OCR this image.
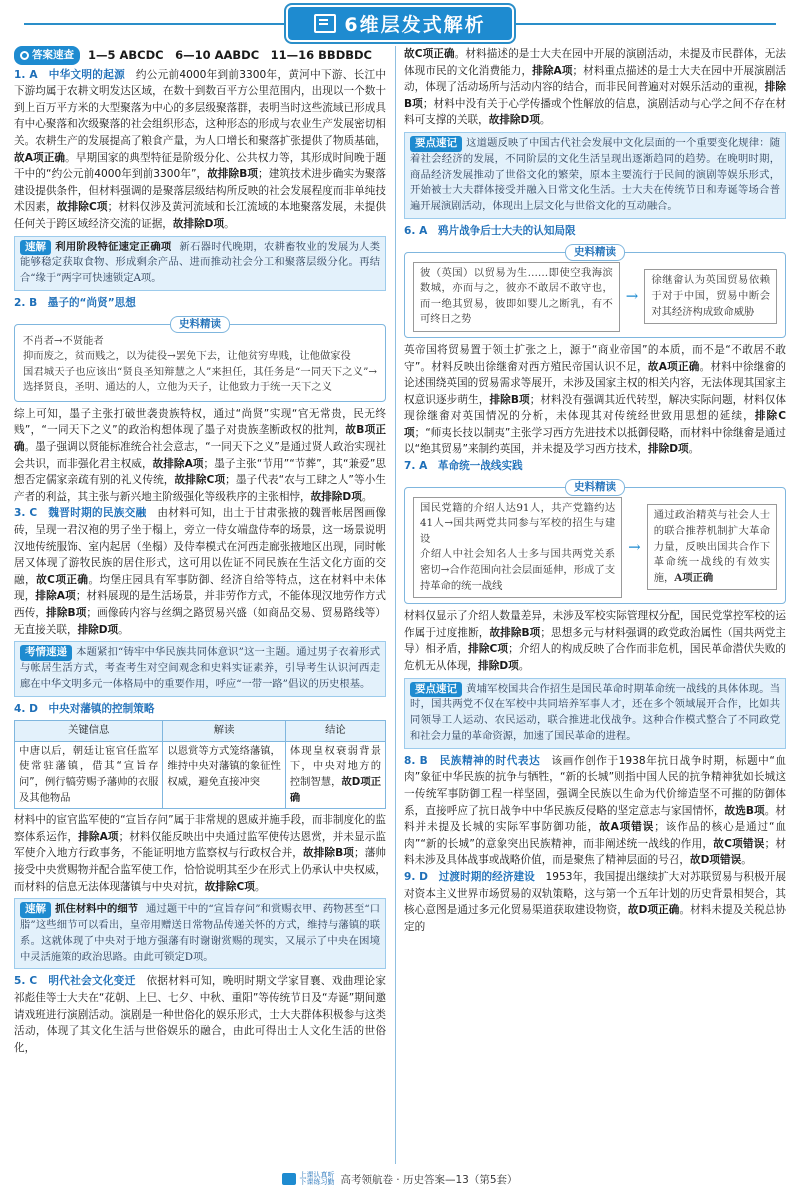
6维层发式解析
答案速查 1—5 ABCDC　6—10 AABDC　11—16 BBDBDC

1. A　 中华文明的起源　 约公元前4000年到前3300年，黄河中下游、长江中下游均属于农耕文明发达区域，在数十到数百平方公里范围内，出现以一个数十到上百万平方米的大型聚落为中心的多层级聚落群，表明当时这些流域已形成具有中心聚落和次级聚落的社会组织形态，这种形态的形成与农业生产发展密切相关。农耕生产的发展提高了粮食产量，为人口增长和聚落扩张提供了物质基础，故A项正确。早期国家的典型特征是阶级分化、公共权力等，其形成时间晚于题干中的“约公元前4000年到前3300年”，故排除B项；建筑技术进步确实为聚落建设提供条件，但材料强调的是聚落层级结构所反映的社会发展程度而非单纯技术因素，故排除C项；材料仅涉及黄河流域和长江流域的本地聚落发展，未提供任何关于跨区域经济交流的证据，故排除D项。

速解 利用阶段特征速定正确项 新石器时代晚期，农耕畜牧业的发展为人类能够稳定获取食物、形成剩余产品、进而推动社会分工和聚落层级分化。再结合“缘于”两字可快速锁定A项。

2. B　 墨子的“尚贤”思想

史料精读

不肖者→不贤能者

抑而废之，贫而贱之，以为徒役→罢免下去，让他贫穷卑贱，让他做家役

国君城天子也应该出“贤良圣知辩慧之人”来担任，其任务是“一同天下之义”→选择贤良，圣明、通达的人，立他为天子，让他致力于统一天下之义

综上可知，墨子主张打破世袭贵族特权，通过“尚贤”实现“官无常贵，民无终贱”，“一同天下之义”的政治构想体现了墨子对贵族垄断政权的批判，故B项正确。墨子强调以贤能标准统合社会意志，“一同天下之义”是通过贤人政治实现社会共识，而非强化君主权威，故排除A项；墨子主张“节用”“节葬”，其“兼爱”思想否定儒家亲疏有别的礼义传统，故排除C项；墨子代表“农与工肆之人”等小生产者的利益，其主张与新兴地主阶级强化等级秩序的主张相悖，故排除D项。

3. C　 魏晋时期的民族交融　 由材料可知，出土于甘肃张掖的魏晋帐居图画像砖，呈现一君汉袍的男子坐于榻上，旁立一侍女端盘侍奉的场景，这一场景说明汉地传统服饰、室内起居（坐榻）及侍奉模式在河西走廊张掖地区出现，同时帐居又体现了游牧民族的居住形式，这可用以佐证不同民族在生活文化方面的交融，故C项正确。均堡庄园具有军事防御、经济自给等特点，这在材料中未体现，排除A项；材料展现的是生活场景，并非劳作方式，不能体现汉地劳作方式西传，排除B项；画像砖内容与丝绸之路贸易兴盛（如商品交易、贸易路线等）无直接关联，排除D项。

考情速递 本题紧扣“铸牢中华民族共同体意识”这一主题。通过男子衣着形式与帐居生活方式，考查考生对空间观念和史料实证素养，引导考生认识河西走廊在中华文明多元一体格局中的重要作用，呼应“一带一路”倡议的历史根基。

4. D　 中央对藩镇的控制策略

关键信息	解读	结论
中唐以后，朝廷让宦官任监军使常驻藩镇，借其“宣旨存问”，例行犒劳赐予藩帅的衣服及其他物品	以恩赏等方式笼络藩镇，维持中央对藩镇的象征性权威，避免直接冲突	体现皇权衰弱背景下，中央对地方的控制智慧，故D项正确

材料中的宦官监军使的“宣旨存问”属于非常规的恩威并施手段，而非制度化的监察体系运作，排除A项；材料仅能反映出中央通过监军使传达恩赏，并未显示监军使介入地方行政事务，不能证明地方监察权与行政权合并，故排除B项；藩帅接受中央赏赐物并配合监军使工作，恰恰说明其至少在形式上仍承认中央权威，而材料的信息无法体现藩镇与中央对抗，故排除C项。

速解 抓住材料中的细节 通过题干中的“宣旨存问”和赏赐衣甲、药物甚至“口脂”这些细节可以看出，皇帝用赠送日常物品传递关怀的方式，维持与藩镇的联系。这就体现了中央对于地方强藩有时谢谢赏赐的现实，又展示了中央在困境中灵活施策的政治思路。由此可锁定D项。

5. C　 明代社会文化变迁　 依据材料可知，晚明时期文学家冒襄、戏曲理论家祁彪佳等士大夫在“花朝、上巳、七夕、中秋、重阳”等传统节日及“寿诞”期间邀请戏班进行演剧活动。演剧是一种世俗化的娱乐形式，士大夫群体积极参与这类活动，体现了其文化生活与世俗娱乐的融合，由此可得出士人文化生活的世俗化，

故C项正确。材料描述的是士大夫在园中开展的演剧活动，未提及市民群体，无法体现市民的文化消费能力，排除A项；材料重点描述的是士大夫在园中开展演剧活动，体现了活动场所与活动内容的结合，而非民间普遍对对娱乐活动的重视，排除B项；材料中没有关于心学传播或个性解放的信息，演剧活动与心学之间不存在材料可支撑的关联，故排除D项。

要点速记 这道题反映了中国古代社会发展中文化层面的一个重要变化规律：随着社会经济的发展，不同阶层的文化生活呈现出逐渐趋同的趋势。在晚明时期，商品经济发展推动了世俗文化的繁荣，原本主要流行于民间的演剧等娱乐形式，开始被士大夫群体接受并融入日常文化生活。士大夫在传统节日和寿诞等场合普遍开展演剧活动，体现出上层文化与世俗文化的互动融合。

6. A　 鸦片战争后士大夫的认知局限

史料精读
彼（英国）以贸易为生……即使空我海滨数城，亦而与之，彼亦不敢居不敢守也，而一绝其贸易，彼即如婴儿之断乳，有不可终日之势
→
徐继畲认为英国贸易依赖于对于中国，贸易中断会对其经济构成致命威胁

英帝国将贸易置于领土扩张之上，源于“商业帝国”的本质，而不是“不敢居不敢守”。材料反映出徐继畲对西方殖民帝国认识不足，故A项正确。材料中徐继畲的论述围绕英国的贸易需求等展开，未涉及国家主权的相关内容，无法体现其国家主权意识逐步萌生，排除B项；材料没有强调其近代转型，解决实际问题，材料仅体现徐继畲对英国情况的分析，未体现其对传统经世致用思想的延续，排除C项；“师夷长技以制夷”主张学习西方先进技术以抵御侵略，而材料中徐继畲是通过以“绝其贸易”来制约英国，并未提及学习西方技术，排除D项。

7. A　 革命统一战线实践

史料精读

国民党籍的介绍人达91人，共产党籍约达41人→国共两党共同参与军校的招生与建设

介绍人中社会知名人士多与国共两党关系密切→合作范围向社会层面延伸，形成了支持革命的统一战线

→
通过政治精英与社会人士的联合推荐机制扩大革命力量，反映出国共合作下革命统一战线的有效实施，A项正确

材料仅显示了介绍人数量差异，未涉及军校实际管理权分配，国民党掌控军校的运作属于过度推断，故排除B项；思想多元与材料强调的政党政治属性（国共两党主导）相矛盾，排除C项；介绍人的构成反映了合作而非危机，国民革命潜伏失败的危机无从体现，排除D项。

要点速记 黄埔军校国共合作招生是国民革命时期革命统一战线的具体体现。当时，国共两党不仅在军校中共同培养军事人才，还在多个领域展开合作，比如共同领导工人运动、农民运动，联合推进北伐战争。这种合作模式整合了不同政党和社会力量的革命资源，加速了国民革命的进程。

8. B　 民族精神的时代表达　 该画作创作于1938年抗日战争时期，标题中“血肉”象征中华民族的抗争与牺牲，“新的长城”则指中国人民的抗争精神犹如长城这一传统军事防御工程一样坚固，强调全民族以生命为代价缔造坚不可摧的防御体系，直接呼应了抗日战争中中华民族反侵略的坚定意志与家国情怀，故选B项。材料并未提及长城的实际军事防御功能，故A项错误；该作品的核心是通过“血肉”“新的长城”的意象突出民族精神，而非阐述统一战线的作用，故C项错误；材料未涉及具体战事或战略价值，而是聚焦了精神层面的号召，故D项错误。

9. D　 过渡时期的经济建设　 1953年，我国提出继续扩大对苏联贸易与积极开展对资本主义世界市场贸易的双轨策略，这与第一个五年计划的历史背景相契合，其核心意图是通过多元化贸易渠道获取建设物资，故D项正确。材料未提及关税总协定的

上课认真听
下课练习勤 高考领航卷 · 历史答案—13（第5套）
